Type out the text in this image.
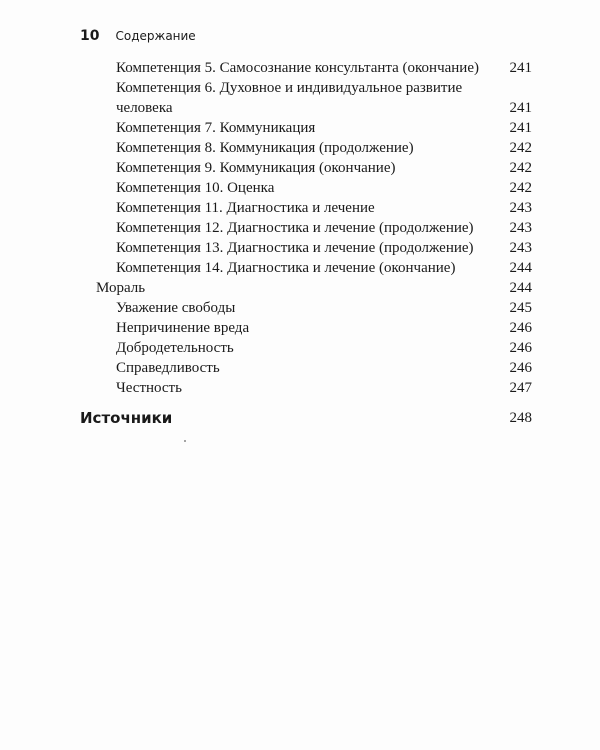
10 Содержание
Компетенция 5. Самосознание консультанта (окончание)	241
Компетенция 6. Духовное и индивидуальное развитие человека	241
Компетенция 7. Коммуникация	241
Компетенция 8. Коммуникация (продолжение)	242
Компетенция 9. Коммуникация (окончание)	242
Компетенция 10. Оценка	242
Компетенция 11. Диагностика и лечение	243
Компетенция 12. Диагностика и лечение (продолжение)	243
Компетенция 13. Диагностика и лечение (продолжение)	243
Компетенция 14. Диагностика и лечение (окончание)	244
Мораль	244
Уважение свободы	245
Непричинение вреда	246
Добродетельность	246
Справедливость	246
Честность	247
Источники	248
